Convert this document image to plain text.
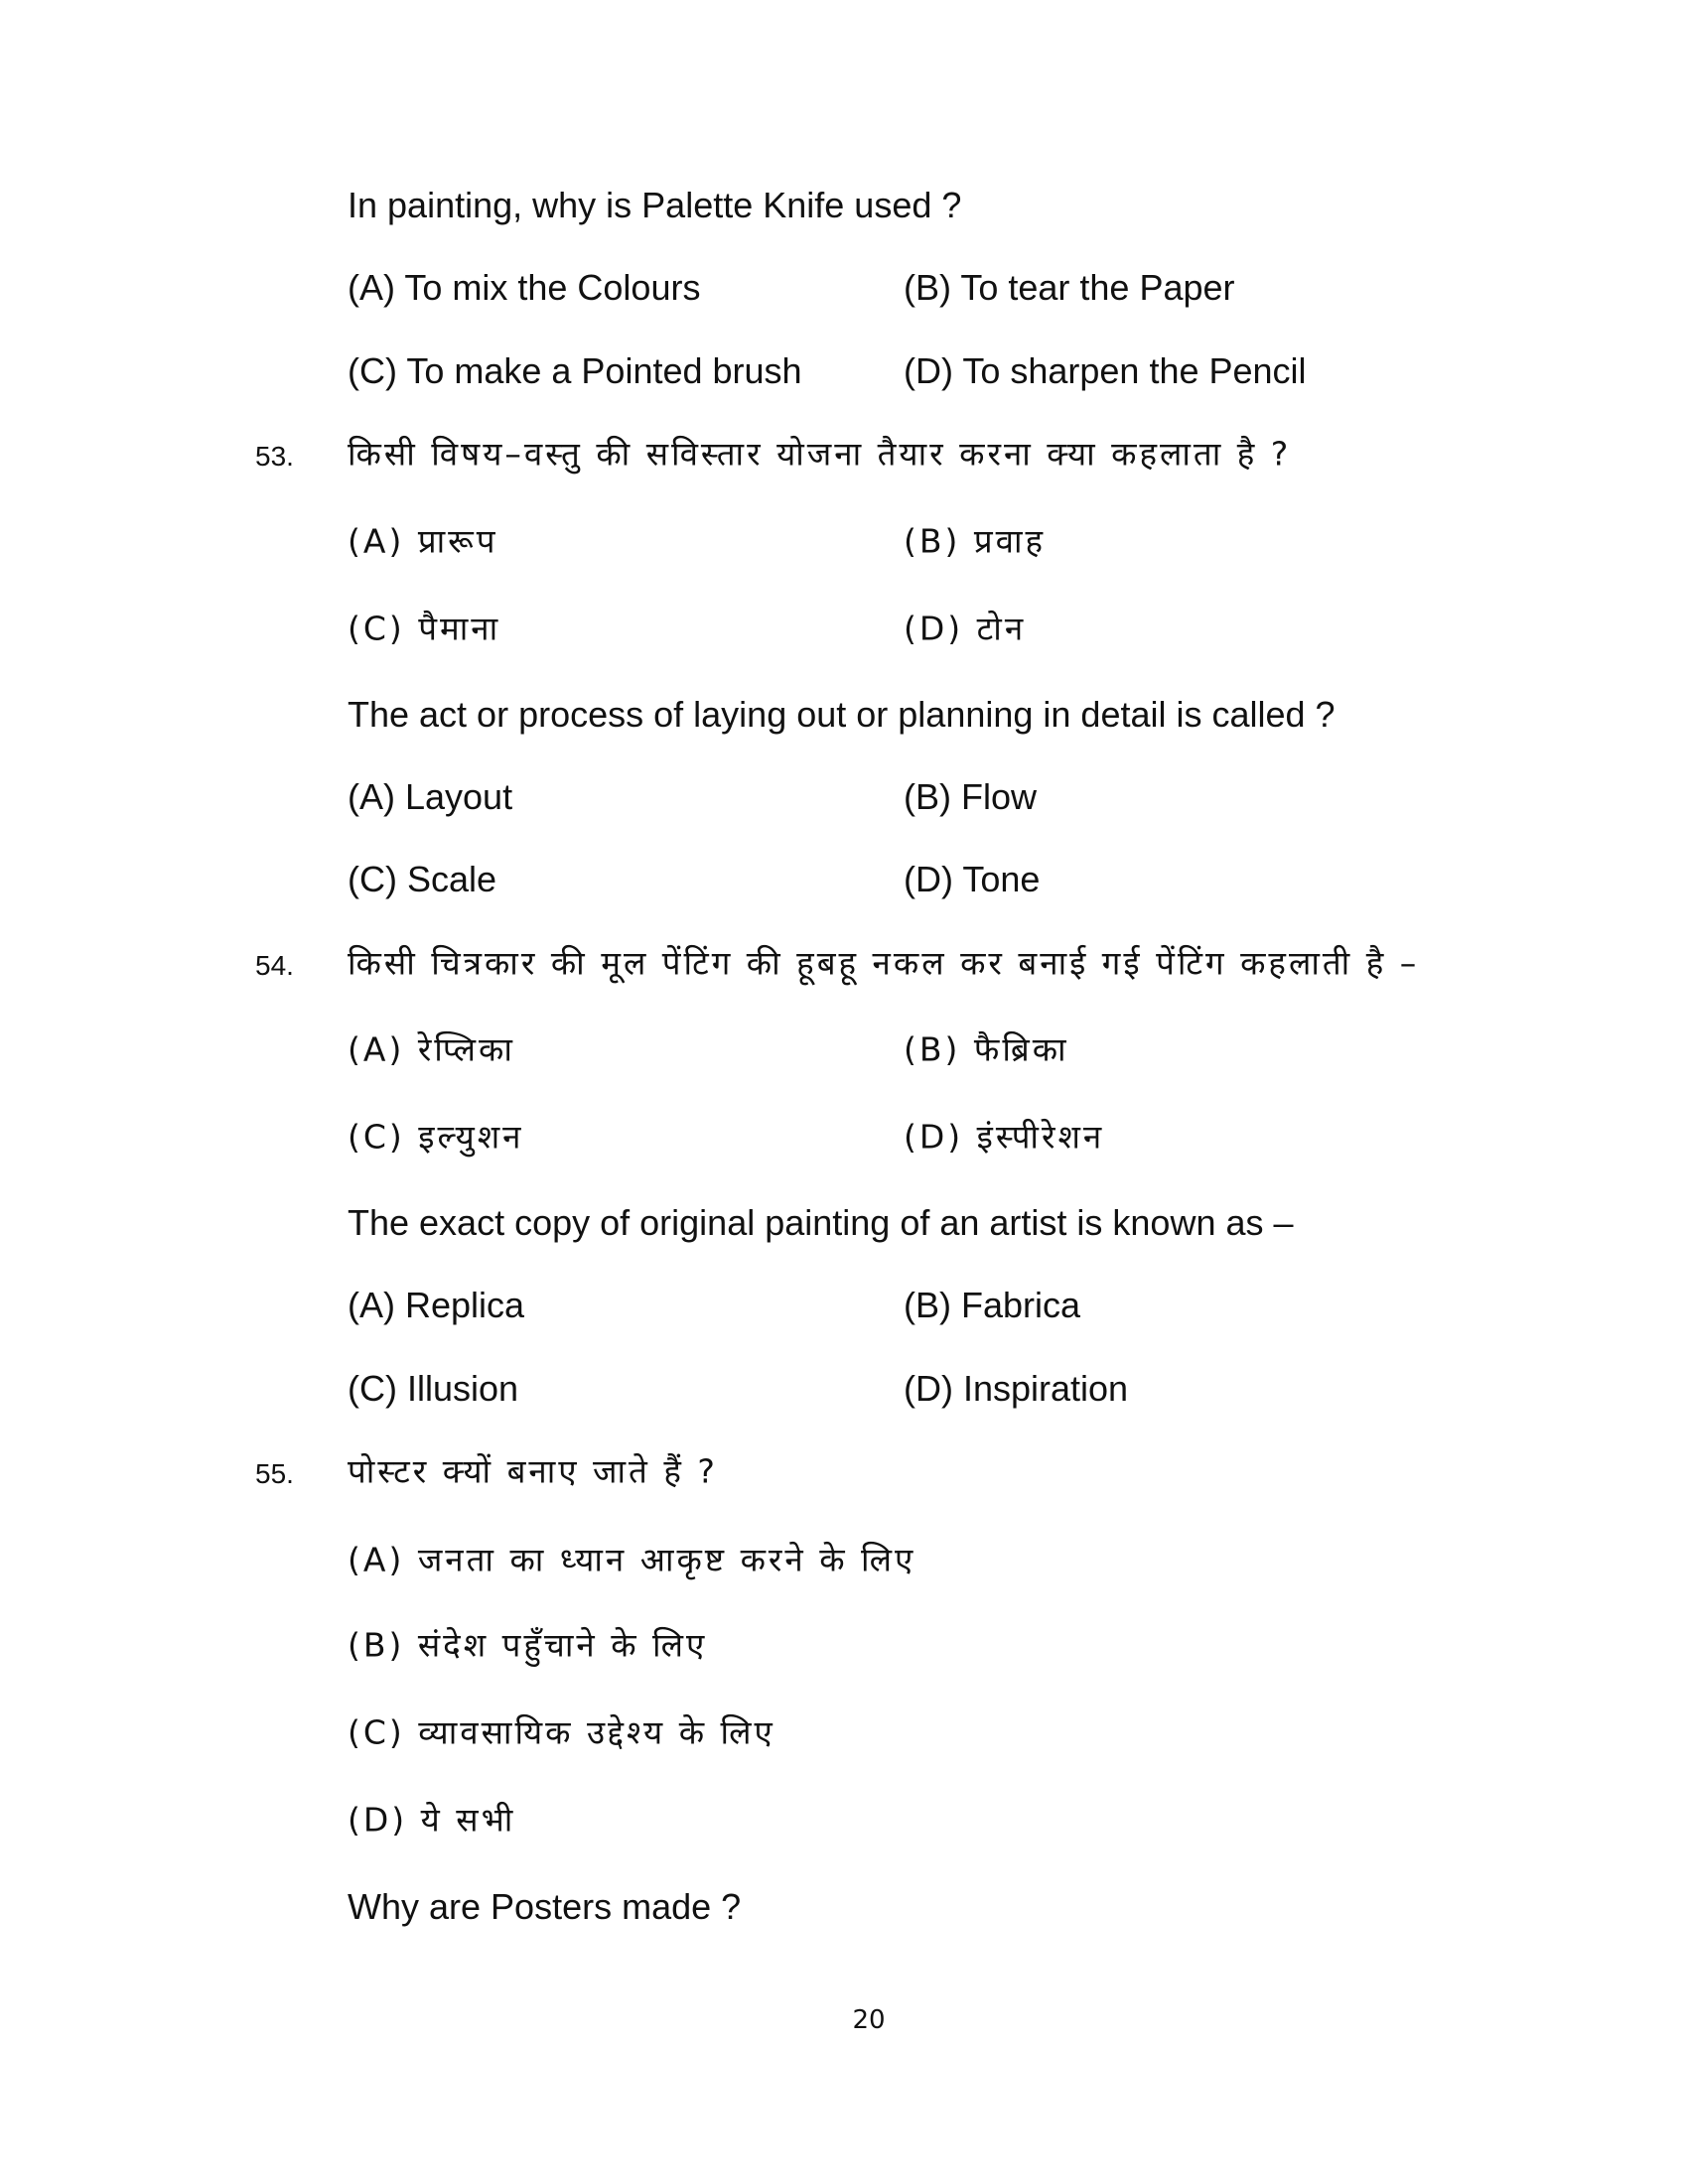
In painting, why is Palette Knife used ?
(A) To mix the Colours	(B) To tear the Paper
(C) To make a Pointed brush	(D) To sharpen the Pencil
53. किसी विषय–वस्तु की सविस्तार योजना तैयार करना क्या कहलाता है ?
(A) प्रारूप	(B) प्रवाह
(C) पैमाना	(D) टोन
The act or process of laying out or planning in detail is called ?
(A) Layout	(B) Flow
(C) Scale	(D) Tone
54. किसी चित्रकार की मूल पेंटिंग की हूबहू नकल कर बनाई गई पेंटिंग कहलाती है –
(A) रेप्लिका	(B) फैब्रिका
(C) इल्युशन	(D) इंस्पीरेशन
The exact copy of original painting of an artist is known as –
(A) Replica	(B) Fabrica
(C) Illusion	(D) Inspiration
55. पोस्टर क्यों बनाए जाते हैं ?
(A) जनता का ध्यान आकृष्ट करने के लिए
(B) संदेश पहुँचाने के लिए
(C) व्यावसायिक उद्देश्य के लिए
(D) ये सभी
Why are Posters made ?
20
